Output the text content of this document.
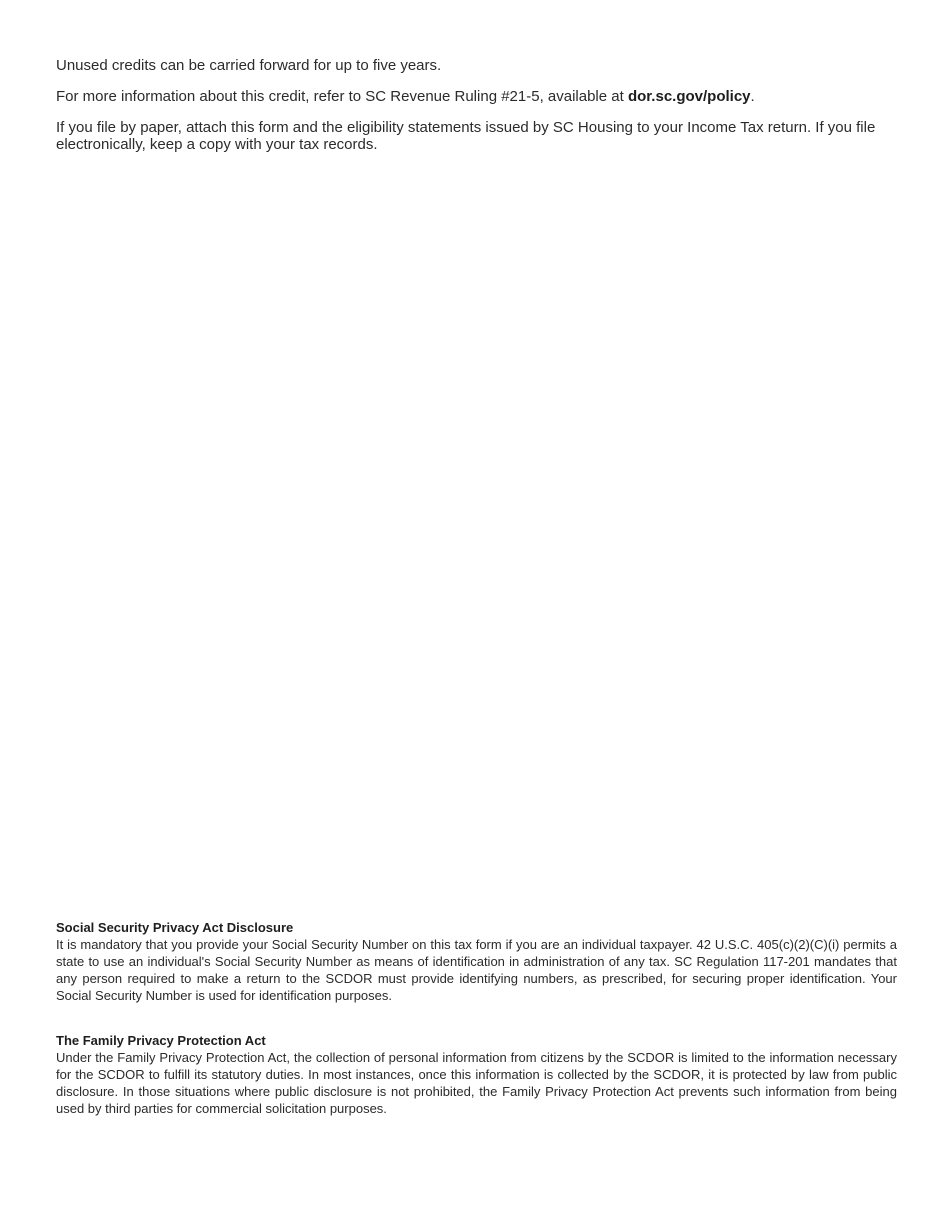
Unused credits can be carried forward for up to five years.

For more information about this credit, refer to SC Revenue Ruling #21-5, available at dor.sc.gov/policy.

If you file by paper, attach this form and the eligibility statements issued by SC Housing to your Income Tax return. If you file electronically, keep a copy with your tax records.

Social Security Privacy Act Disclosure

It is mandatory that you provide your Social Security Number on this tax form if you are an individual taxpayer. 42 U.S.C. 405(c)(2)(C)(i) permits a state to use an individual's Social Security Number as means of identification in administration of any tax. SC Regulation 117-201 mandates that any person required to make a return to the SCDOR must provide identifying numbers, as prescribed, for securing proper identification. Your Social Security Number is used for identification purposes.

The Family Privacy Protection Act

Under the Family Privacy Protection Act, the collection of personal information from citizens by the SCDOR is limited to the information necessary for the SCDOR to fulfill its statutory duties. In most instances, once this information is collected by the SCDOR, it is protected by law from public disclosure. In those situations where public disclosure is not prohibited, the Family Privacy Protection Act prevents such information from being used by third parties for commercial solicitation purposes.
